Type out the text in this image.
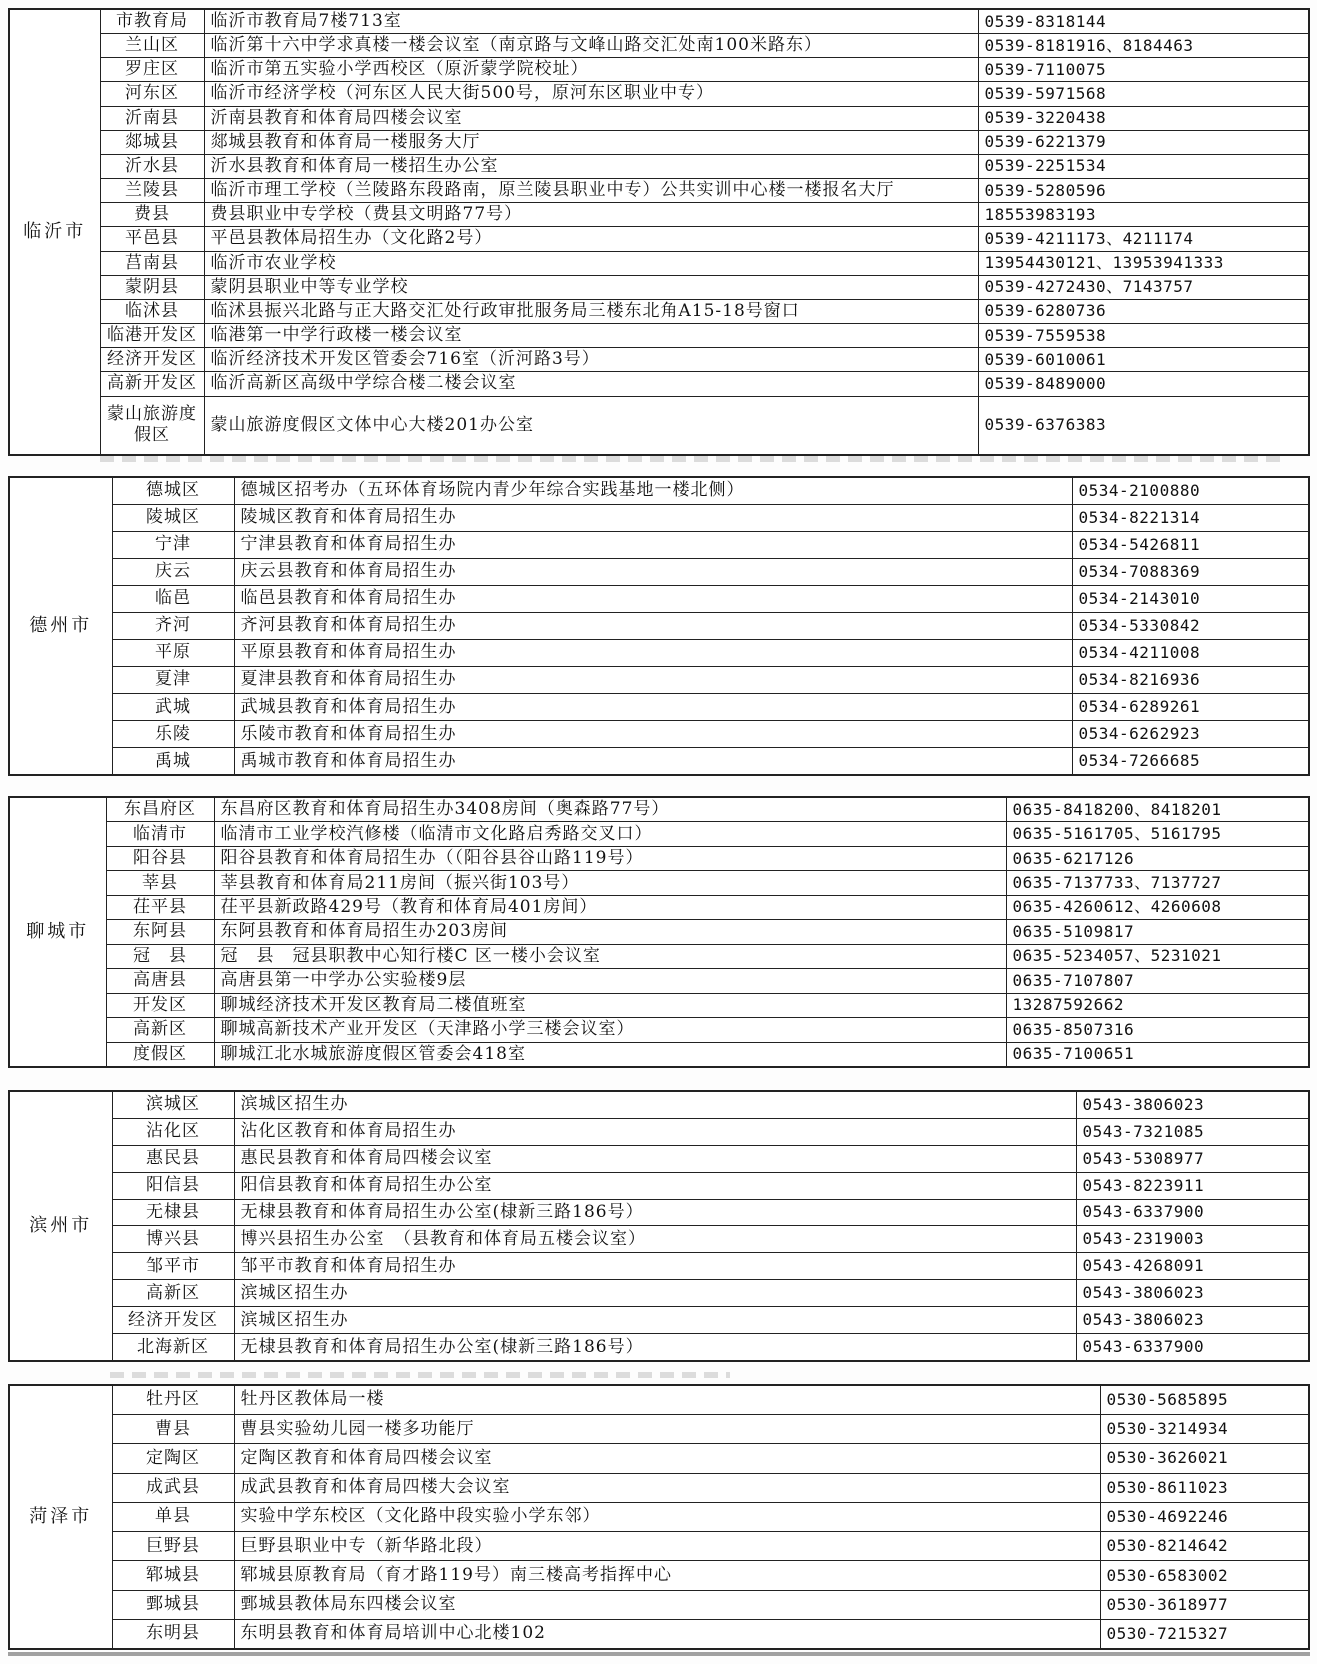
临沂市	市教育局	临沂市教育局7楼713室	0539-8318144
	兰山区	临沂第十六中学求真楼一楼会议室（南京路与文峰山路交汇处南100米路东）	0539-8181916、8184463
	罗庄区	临沂市第五实验小学西校区（原沂蒙学院校址）	0539-7110075
	河东区	临沂市经济学校（河东区人民大街500号，原河东区职业中专）	0539-5971568
	沂南县	沂南县教育和体育局四楼会议室	0539-3220438
	郯城县	郯城县教育和体育局一楼服务大厅	0539-6221379
	沂水县	沂水县教育和体育局一楼招生办公室	0539-2251534
	兰陵县	临沂市理工学校（兰陵路东段路南，原兰陵县职业中专）公共实训中心楼一楼报名大厅	0539-5280596
	费县	费县职业中专学校（费县文明路77号）	18553983193
	平邑县	平邑县教体局招生办（文化路2号）	0539-4211173、4211174
	莒南县	临沂市农业学校	13954430121、13953941333
	蒙阴县	蒙阴县职业中等专业学校	0539-4272430、7143757
	临沭县	临沭县振兴北路与正大路交汇处行政审批服务局三楼东北角A15-18号窗口	0539-6280736
	临港开发区	临港第一中学行政楼一楼会议室	0539-7559538
	经济开发区	临沂经济技术开发区管委会716室（沂河路3号）	0539-6010061
	高新开发区	临沂高新区高级中学综合楼二楼会议室	0539-8489000
	蒙山旅游度假区	蒙山旅游度假区文体中心大楼201办公室	0539-6376383
德州市	德城区	德城区招考办（五环体育场院内青少年综合实践基地一楼北侧）	0534-2100880
	陵城区	陵城区教育和体育局招生办	0534-8221314
	宁津	宁津县教育和体育局招生办	0534-5426811
	庆云	庆云县教育和体育局招生办	0534-7088369
	临邑	临邑县教育和体育局招生办	0534-2143010
	齐河	齐河县教育和体育局招生办	0534-5330842
	平原	平原县教育和体育局招生办	0534-4211008
	夏津	夏津县教育和体育局招生办	0534-8216936
	武城	武城县教育和体育局招生办	0534-6289261
	乐陵	乐陵市教育和体育局招生办	0534-6262923
	禹城	禹城市教育和体育局招生办	0534-7266685
聊城市	东昌府区	东昌府区教育和体育局招生办3408房间（奥森路77号）	0635-8418200、8418201
	临清市	临清市工业学校汽修楼（临清市文化路启秀路交叉口）	0635-5161705、5161795
	阳谷县	阳谷县教育和体育局招生办（（阳谷县谷山路119号）	0635-6217126
	莘县	莘县教育和体育局211房间（振兴街103号）	0635-7137733、7137727
	茌平县	茌平县新政路429号（教育和体育局401房间）	0635-4260612、4260608
	东阿县	东阿县教育和体育局招生办203房间	0635-5109817
	冠　县	冠　县　冠县职教中心知行楼C 区一楼小会议室	0635-5234057、5231021
	高唐县	高唐县第一中学办公实验楼9层	0635-7107807
	开发区	聊城经济技术开发区教育局二楼值班室	13287592662
	高新区	聊城高新技术产业开发区（天津路小学三楼会议室）	0635-8507316
	度假区	聊城江北水城旅游度假区管委会418室	0635-7100651
滨州市	滨城区	滨城区招生办	0543-3806023
	沾化区	沾化区教育和体育局招生办	0543-7321085
	惠民县	惠民县教育和体育局四楼会议室	0543-5308977
	阳信县	阳信县教育和体育局招生办公室	0543-8223911
	无棣县	无棣县教育和体育局招生办公室(棣新三路186号）	0543-6337900
	博兴县	博兴县招生办公室　（县教育和体育局五楼会议室）	0543-2319003
	邹平市	邹平市教育和体育局招生办	0543-4268091
	高新区	滨城区招生办	0543-3806023
	经济开发区	滨城区招生办	0543-3806023
	北海新区	无棣县教育和体育局招生办公室(棣新三路186号）	0543-6337900
菏泽市	牡丹区	牡丹区教体局一楼	0530-5685895
	曹县	曹县实验幼儿园一楼多功能厅	0530-3214934
	定陶区	定陶区教育和体育局四楼会议室	0530-3626021
	成武县	成武县教育和体育局四楼大会议室	0530-8611023
	单县	实验中学东校区（文化路中段实验小学东邻）	0530-4692246
	巨野县	巨野县职业中专（新华路北段）	0530-8214642
	郓城县	郓城县原教育局（育才路119号）南三楼高考指挥中心	0530-6583002
	鄄城县	鄄城县教体局东四楼会议室	0530-3618977
	东明县	东明县教育和体育局培训中心北楼102	0530-7215327
